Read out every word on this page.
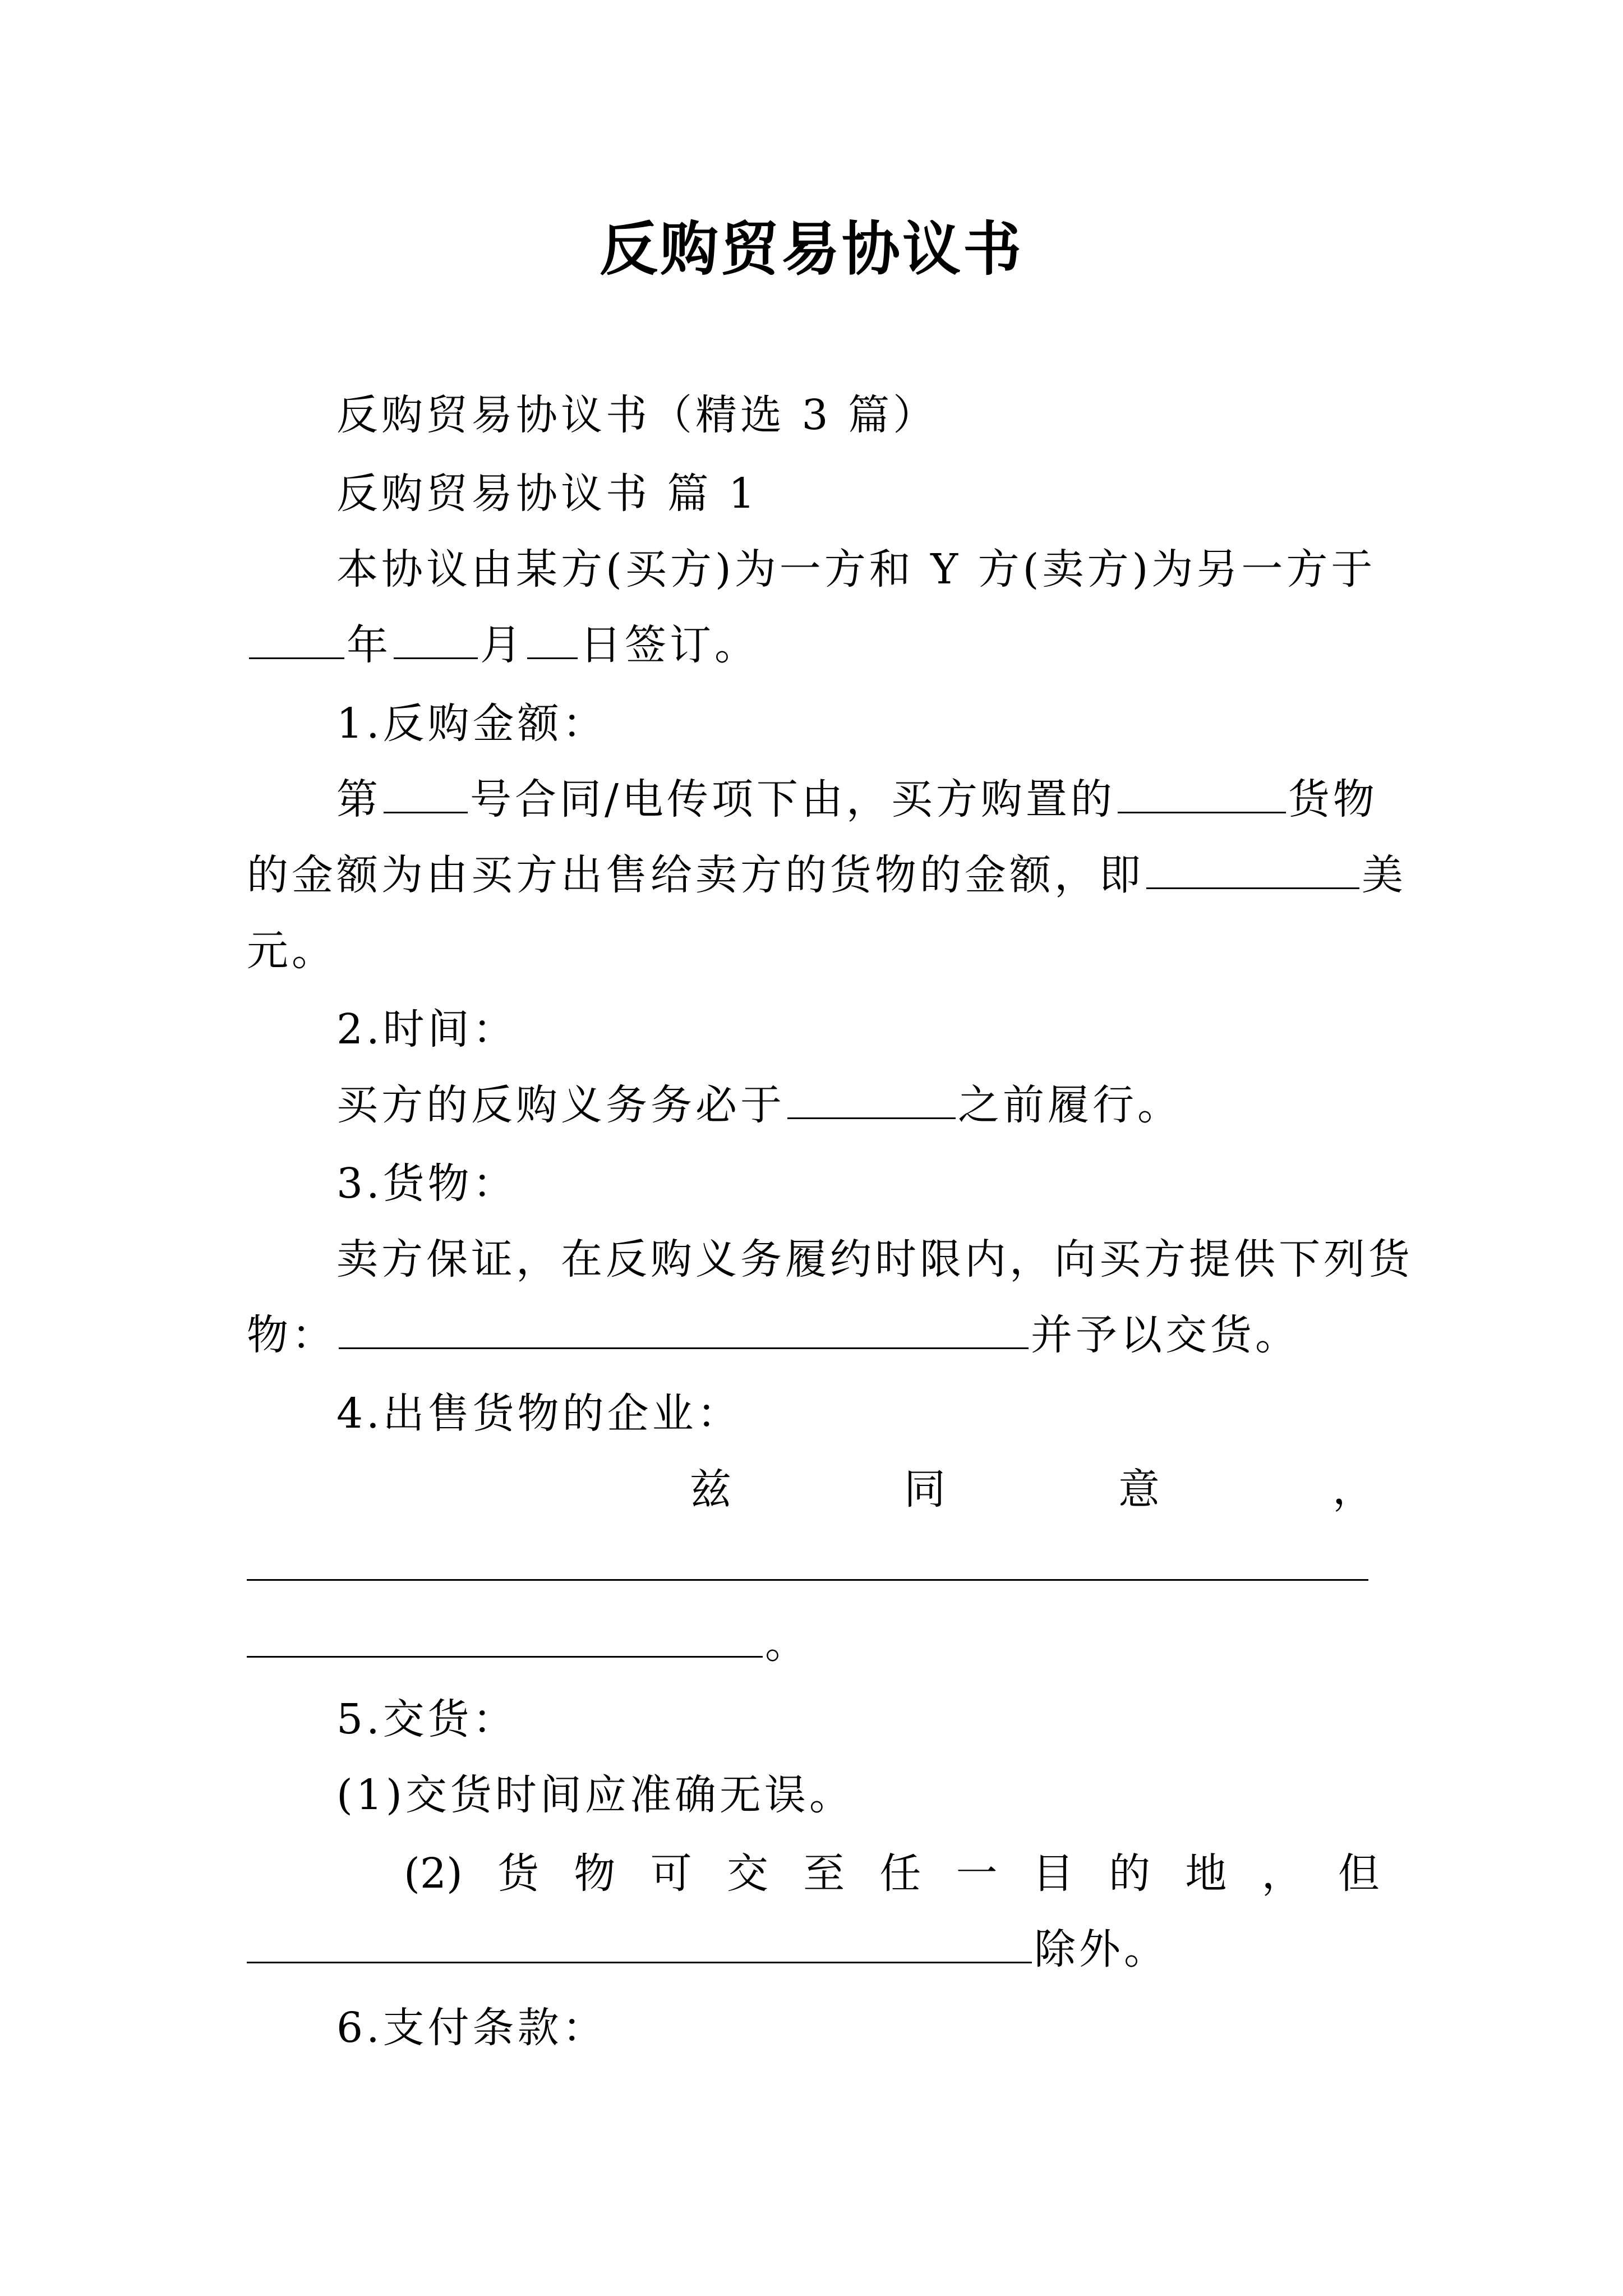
反购贸易协议书
反购贸易协议书（精选 3 篇）
反购贸易协议书 篇 1
本协议由某方(买方)为一方和 Y 方(卖方)为另一方于
年 月 日签订。
1.反购金额：
第 号合同/电传项下由，买方购置的	货物
的金额为由买方出售给卖方的货物的金额，即	美
元。
2.时间：
买方的反购义务务必于	之前履行。
3.货物：
卖方保证，在反购义务履约时限内，向买方提供下列货
物：	并予以交货。
4.出售货物的企业：
兹	同	意	，
。
5.交货：
(1)交货时间应准确无误。
(2) 货 物 可 交 至 任 一 目 的 地 ， 但
除外。
6.支付条款：
